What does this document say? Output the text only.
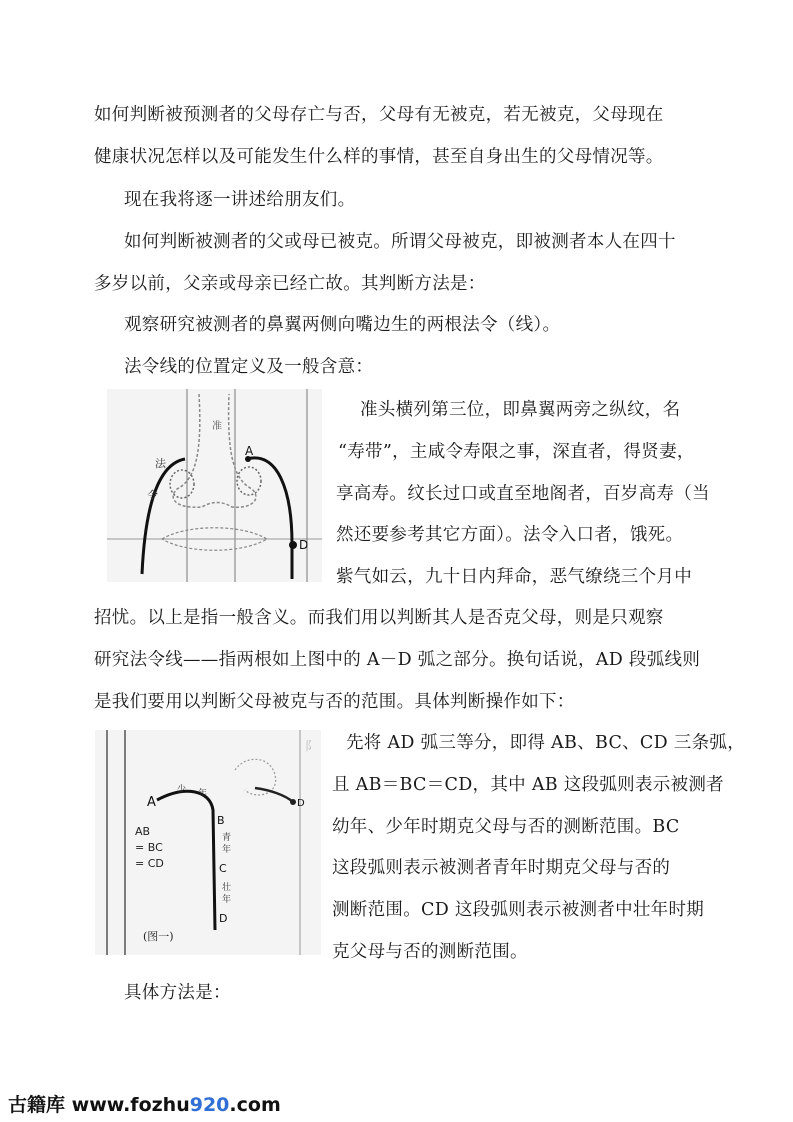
如何判断被预测者的父母存亡与否，父母有无被克，若无被克，父母现在
健康状况怎样以及可能发生什么样的事情，甚至自身出生的父母情况等。
现在我将逐一讲述给朋友们。
如何判断被测者的父或母已被克。所谓父母被克，即被测者本人在四十
多岁以前，父亲或母亲已经亡故。其判断方法是：
观察研究被测者的鼻翼两侧向嘴边生的两根法令（线）。
法令线的位置定义及一般含意：
法
令
准
A
D
准头横列第三位，即鼻翼两旁之纵纹，名
“寿带”，主咸令寿限之事，深直者，得贤妻，
享高寿。纹长过口或直至地阁者，百岁高寿（当
然还要参考其它方面）。法令入口者，饿死。
紫气如云，九十日内拜命，恶气缭绕三个月中
招忧。以上是指一般含义。而我们用以判断其人是否克父母，则是只观察
研究法令线——指两根如上图中的 A－D 弧之部分。换句话说，AD 段弧线则
是我们要用以判断父母被克与否的范围。具体判断操作如下：
阝
D
A
B
C
D
少 年
青
年
壮
年
AB
= BC
= CD
(图一)
先将 AD 弧三等分，即得 AB、BC、CD 三条弧，
且 AB＝BC＝CD，其中 AB 这段弧则表示被测者
幼年、少年时期克父母与否的测断范围。BC
这段弧则表示被测者青年时期克父母与否的
测断范围。CD 这段弧则表示被测者中壮年时期
克父母与否的测断范围。
具体方法是：
古籍库 www.fozhu920.com
